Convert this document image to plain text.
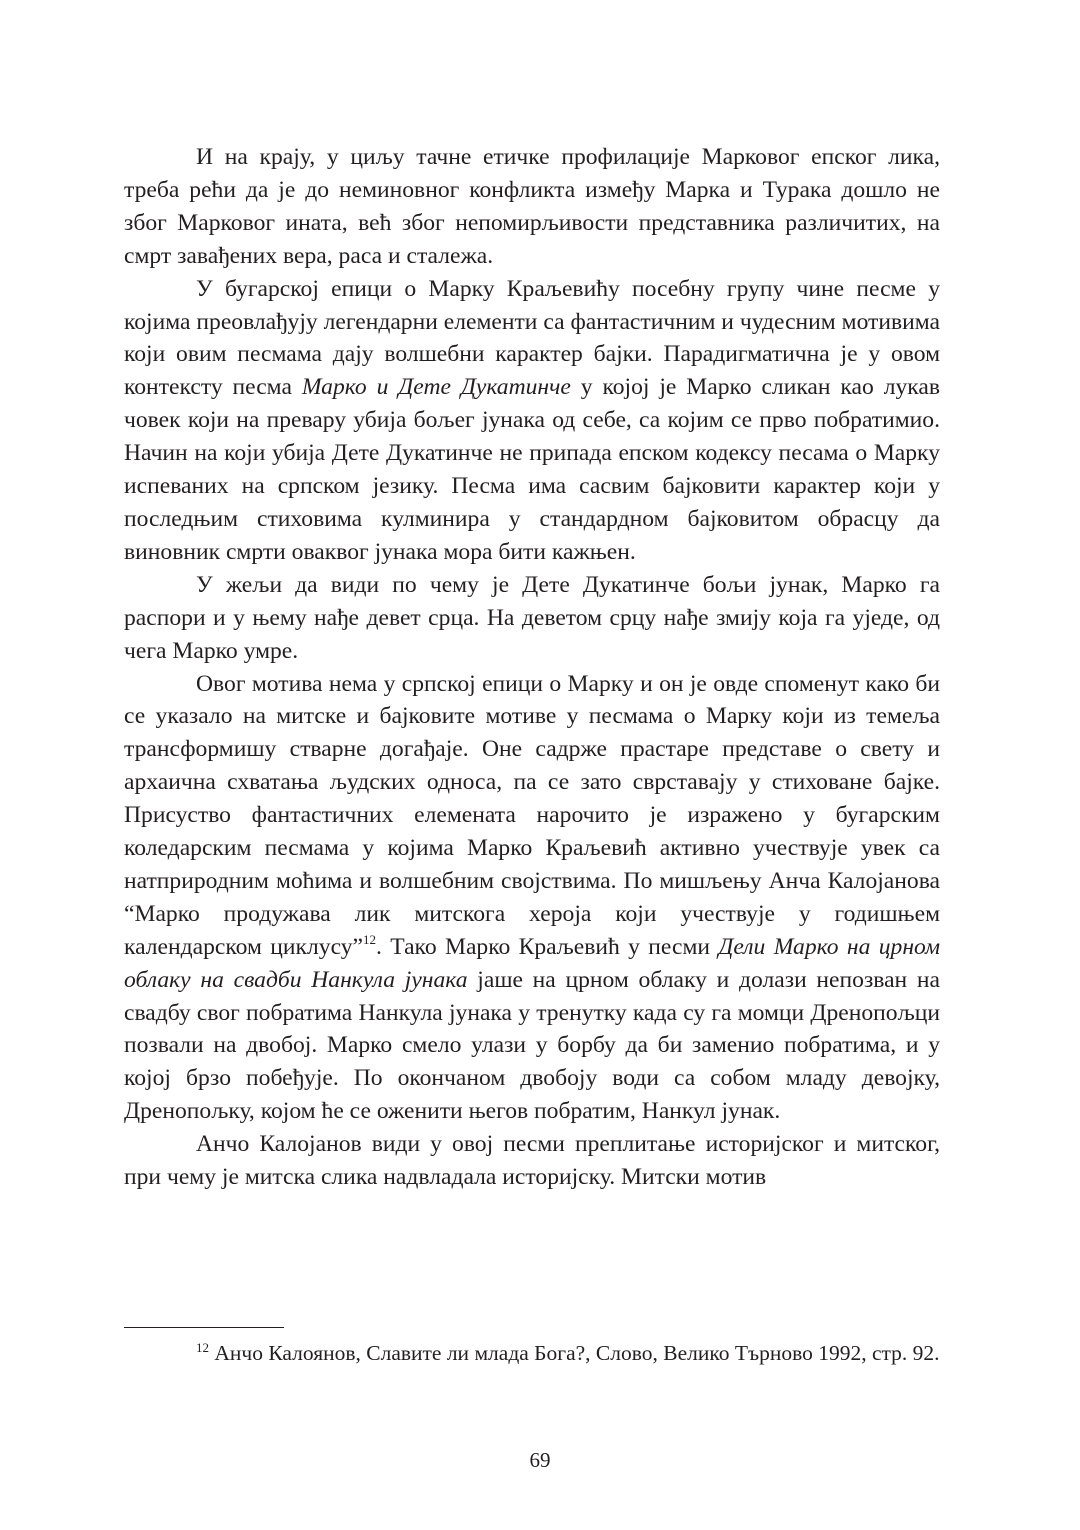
И на крају, у циљу тачне етичке профилације Марковог епског лика, треба рећи да је до неминовног конфликта између Марка и Турака дошло не због Марковог ината, већ због непомирљивости представника различитих, на смрт завађених вера, раса и сталежа.

У бугарској епици о Марку Краљевићу посебну групу чине песме у којима преовлађују легендарни елементи са фантастичним и чудесним мотивима који овим песмама дају волшебни карактер бајки. Парадигматична је у овом контексту песма Марко и Дете Дукатинче у којој је Марко сликан као лукав човек који на превару убија бољег јунака од себе, са којим се прво побратимио. Начин на који убија Дете Дукатинче не припада епском кодексу песама о Марку испеваних на српском језику. Песма има сасвим бајковити карактер који у последњим стиховима кулминира у стандардном бајковитом обрасцу да виновник смрти оваквог јунака мора бити кажњен.

У жељи да види по чему је Дете Дукатинче бољи јунак, Марко га распори и у њему нађе девет срца. На деветом срцу нађе змију која га уједе, од чега Марко умре.

Овог мотива нема у српској епици о Марку и он је овде споменут како би се указало на митске и бајковите мотиве у песмама о Марку који из темеља трансформишу стварне догађаје. Оне садрже прастаре представе о свету и архаична схватања људских односа, па се зато сврставају у стиховане бајке. Присуство фантастичних елемената нарочито је изражено у бугарским коледарским песмама у којима Марко Краљевић активно учествује увек са натприродним моћима и волшебним својствима. По мишљењу Анча Калојанова “Марко продужава лик митскога хероја који учествује у годишњем календарском циклусу”$^{12}$. Тако Марко Краљевић у песми Дели Марко на црном облаку на свадби Нанкула јунака јаше на црном облаку и долази непозван на свадбу свог побратима Нанкула јунака у тренутку када су га момци Дренопољци позвали на двобој. Марко смело улази у борбу да би заменио побратима, и у којој брзо побеђује. По окончаном двобоју води са собом младу девојку, Дренопољку, којом ће се оженити његов побратим, Нанкул јунак.

Анчо Калојанов види у овој песми преплитање историјског и митског, при чему је митска слика надвладала историјску. Митски мотив

$^{12}$ Анчо Калоянов, Славите ли млада Бога?, Слово, Велико Търново 1992, стр. 92.

69
